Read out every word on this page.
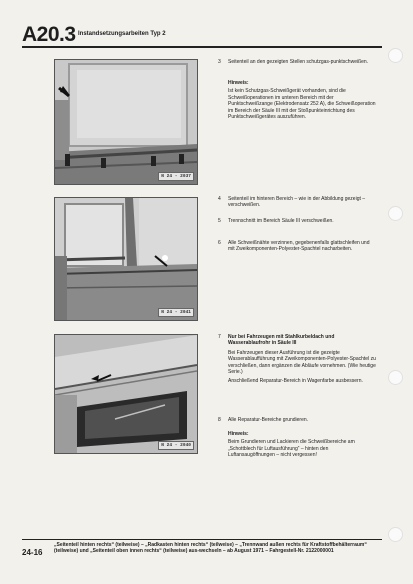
A20.3 Instandsetzungsarbeiten Typ 2
N 24 - 2037
N 24 - 2041
N 24 - 2040
3	Seitenteil an den gezeigten Stellen schutzgas-punktschweißen.
Hinweis:
Ist kein Schutzgas-Schweißgerät vorhanden, sind die Schweißoperationen im unteren Bereich mit der Punktschweißzange (Elektrodensatz 252 A), die Schweißoperation im Bereich der Säule III mit der Stoßpunkteinrichtung des Punktschweißgerätes auszuführen.
4	Seitenteil im hinteren Bereich – wie in der Abbildung gezeigt – verschweißen.
5	Trennschnitt im Bereich Säule III verschweißen.
6	Alle Schweißnähte verzinnen, gegebenenfalls glattschleifen und mit Zweikomponenten-Polyester-Spachtel nacharbeiten.
7	Nur bei Fahrzeugen mit Stahlkurbeldach und Wasserablaufrohr in Säule III
Bei Fahrzeugen dieser Ausführung ist die gezeigte Wasserablaufführung mit Zweikomponenten-Polyester-Spachtel zu verschließen, dann ergänzen die Abläufe vornehmen. (Wie heutige Serie.)
Anschließend Reparatur-Bereich in Wagenfarbe ausbessern.
8	Alle Reparatur-Bereiche grundieren.
Hinweis:
Beim Grundieren und Lackieren die Schweißbereiche am „Schottblech für Luftausführung“ – hinten den Luftansaugöffnungen – nicht vergessen!
24-16
„Seitenteil hinten rechts“ (teilweise) – „Radkasten hinten rechts“ (teilweise) – „Trennwand außen rechts für Kraftstoffbehälterraum“ (teilweise) und „Seitenteil oben innen rechts“ (teilweise) aus-wechseln – ab August 1971 – Fahrgestell-Nr. 2122000001
